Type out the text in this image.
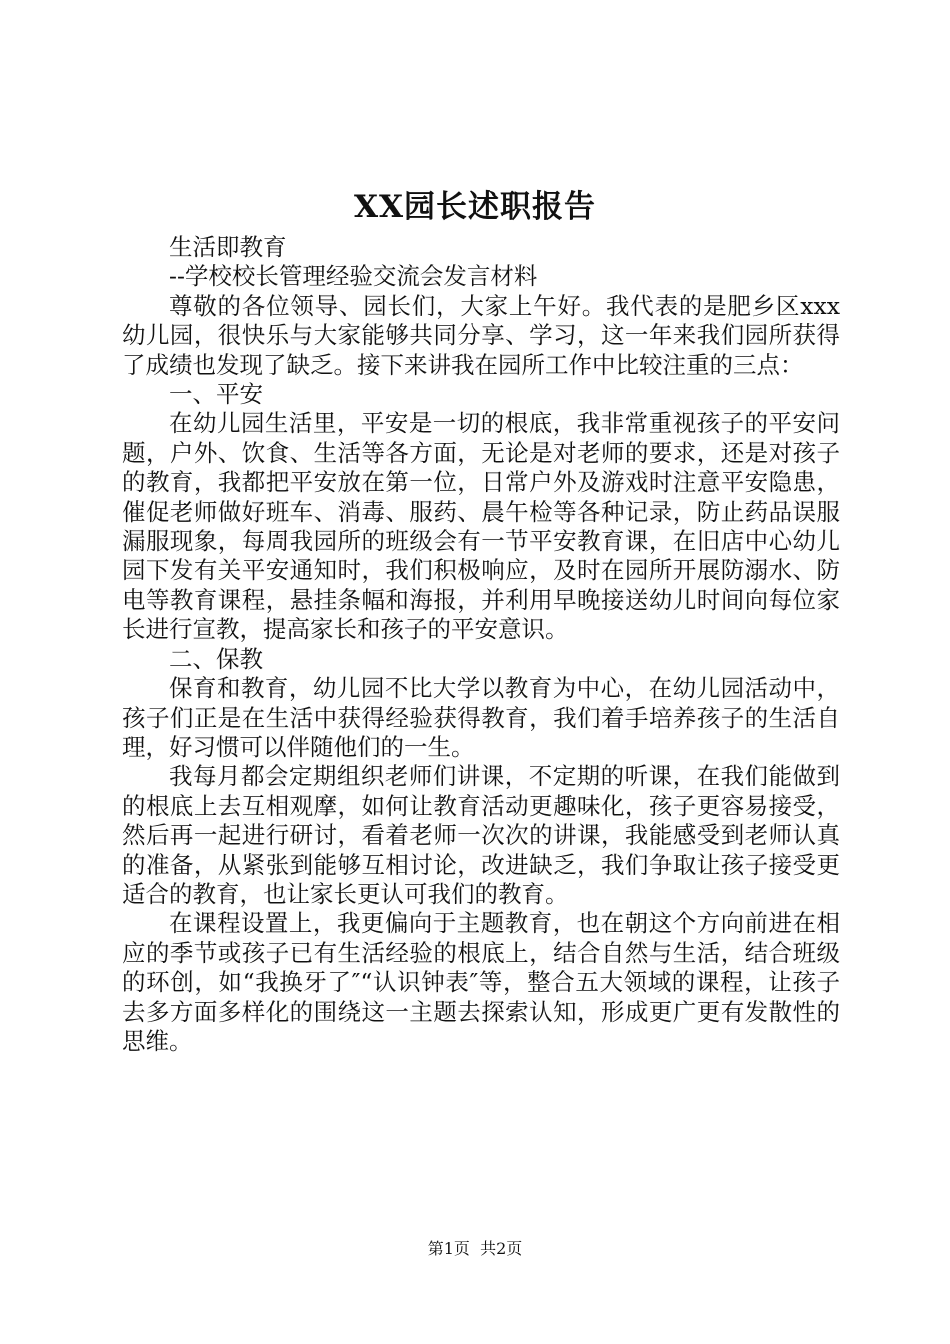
XX园长述职报告

生活即教育

--学校校长管理经验交流会发言材料

尊敬的各位领导、园长们，大家上午好。我代表的是肥乡区xxx幼儿园，很快乐与大家能够共同分享、学习，这一年来我们园所获得了成绩也发现了缺乏。接下来讲我在园所工作中比较注重的三点：

一、平安

在幼儿园生活里，平安是一切的根底，我非常重视孩子的平安问题，户外、饮食、生活等各方面，无论是对老师的要求，还是对孩子的教育，我都把平安放在第一位，日常户外及游戏时注意平安隐患，催促老师做好班车、消毒、服药、晨午检等各种记录，防止药品误服漏服现象，每周我园所的班级会有一节平安教育课，在旧店中心幼儿园下发有关平安通知时，我们积极响应，及时在园所开展防溺水、防电等教育课程，悬挂条幅和海报，并利用早晚接送幼儿时间向每位家长进行宣教，提高家长和孩子的平安意识。

二、保教

保育和教育，幼儿园不比大学以教育为中心，在幼儿园活动中，孩子们正是在生活中获得经验获得教育，我们着手培养孩子的生活自理，好习惯可以伴随他们的一生。

我每月都会定期组织老师们讲课，不定期的听课，在我们能做到的根底上去互相观摩，如何让教育活动更趣味化，孩子更容易接受，然后再一起进行研讨，看着老师一次次的讲课，我能感受到老师认真的准备，从紧张到能够互相讨论，改进缺乏，我们争取让孩子接受更适合的教育，也让家长更认可我们的教育。

在课程设置上，我更偏向于主题教育，也在朝这个方向前进在相应的季节或孩子已有生活经验的根底上，结合自然与生活，结合班级的环创，如“我换牙了″“认识钟表″等，整合五大领域的课程，让孩子去多方面多样化的围绕这一主题去探索认知，形成更广更有发散性的思维。

第1页  共2页
